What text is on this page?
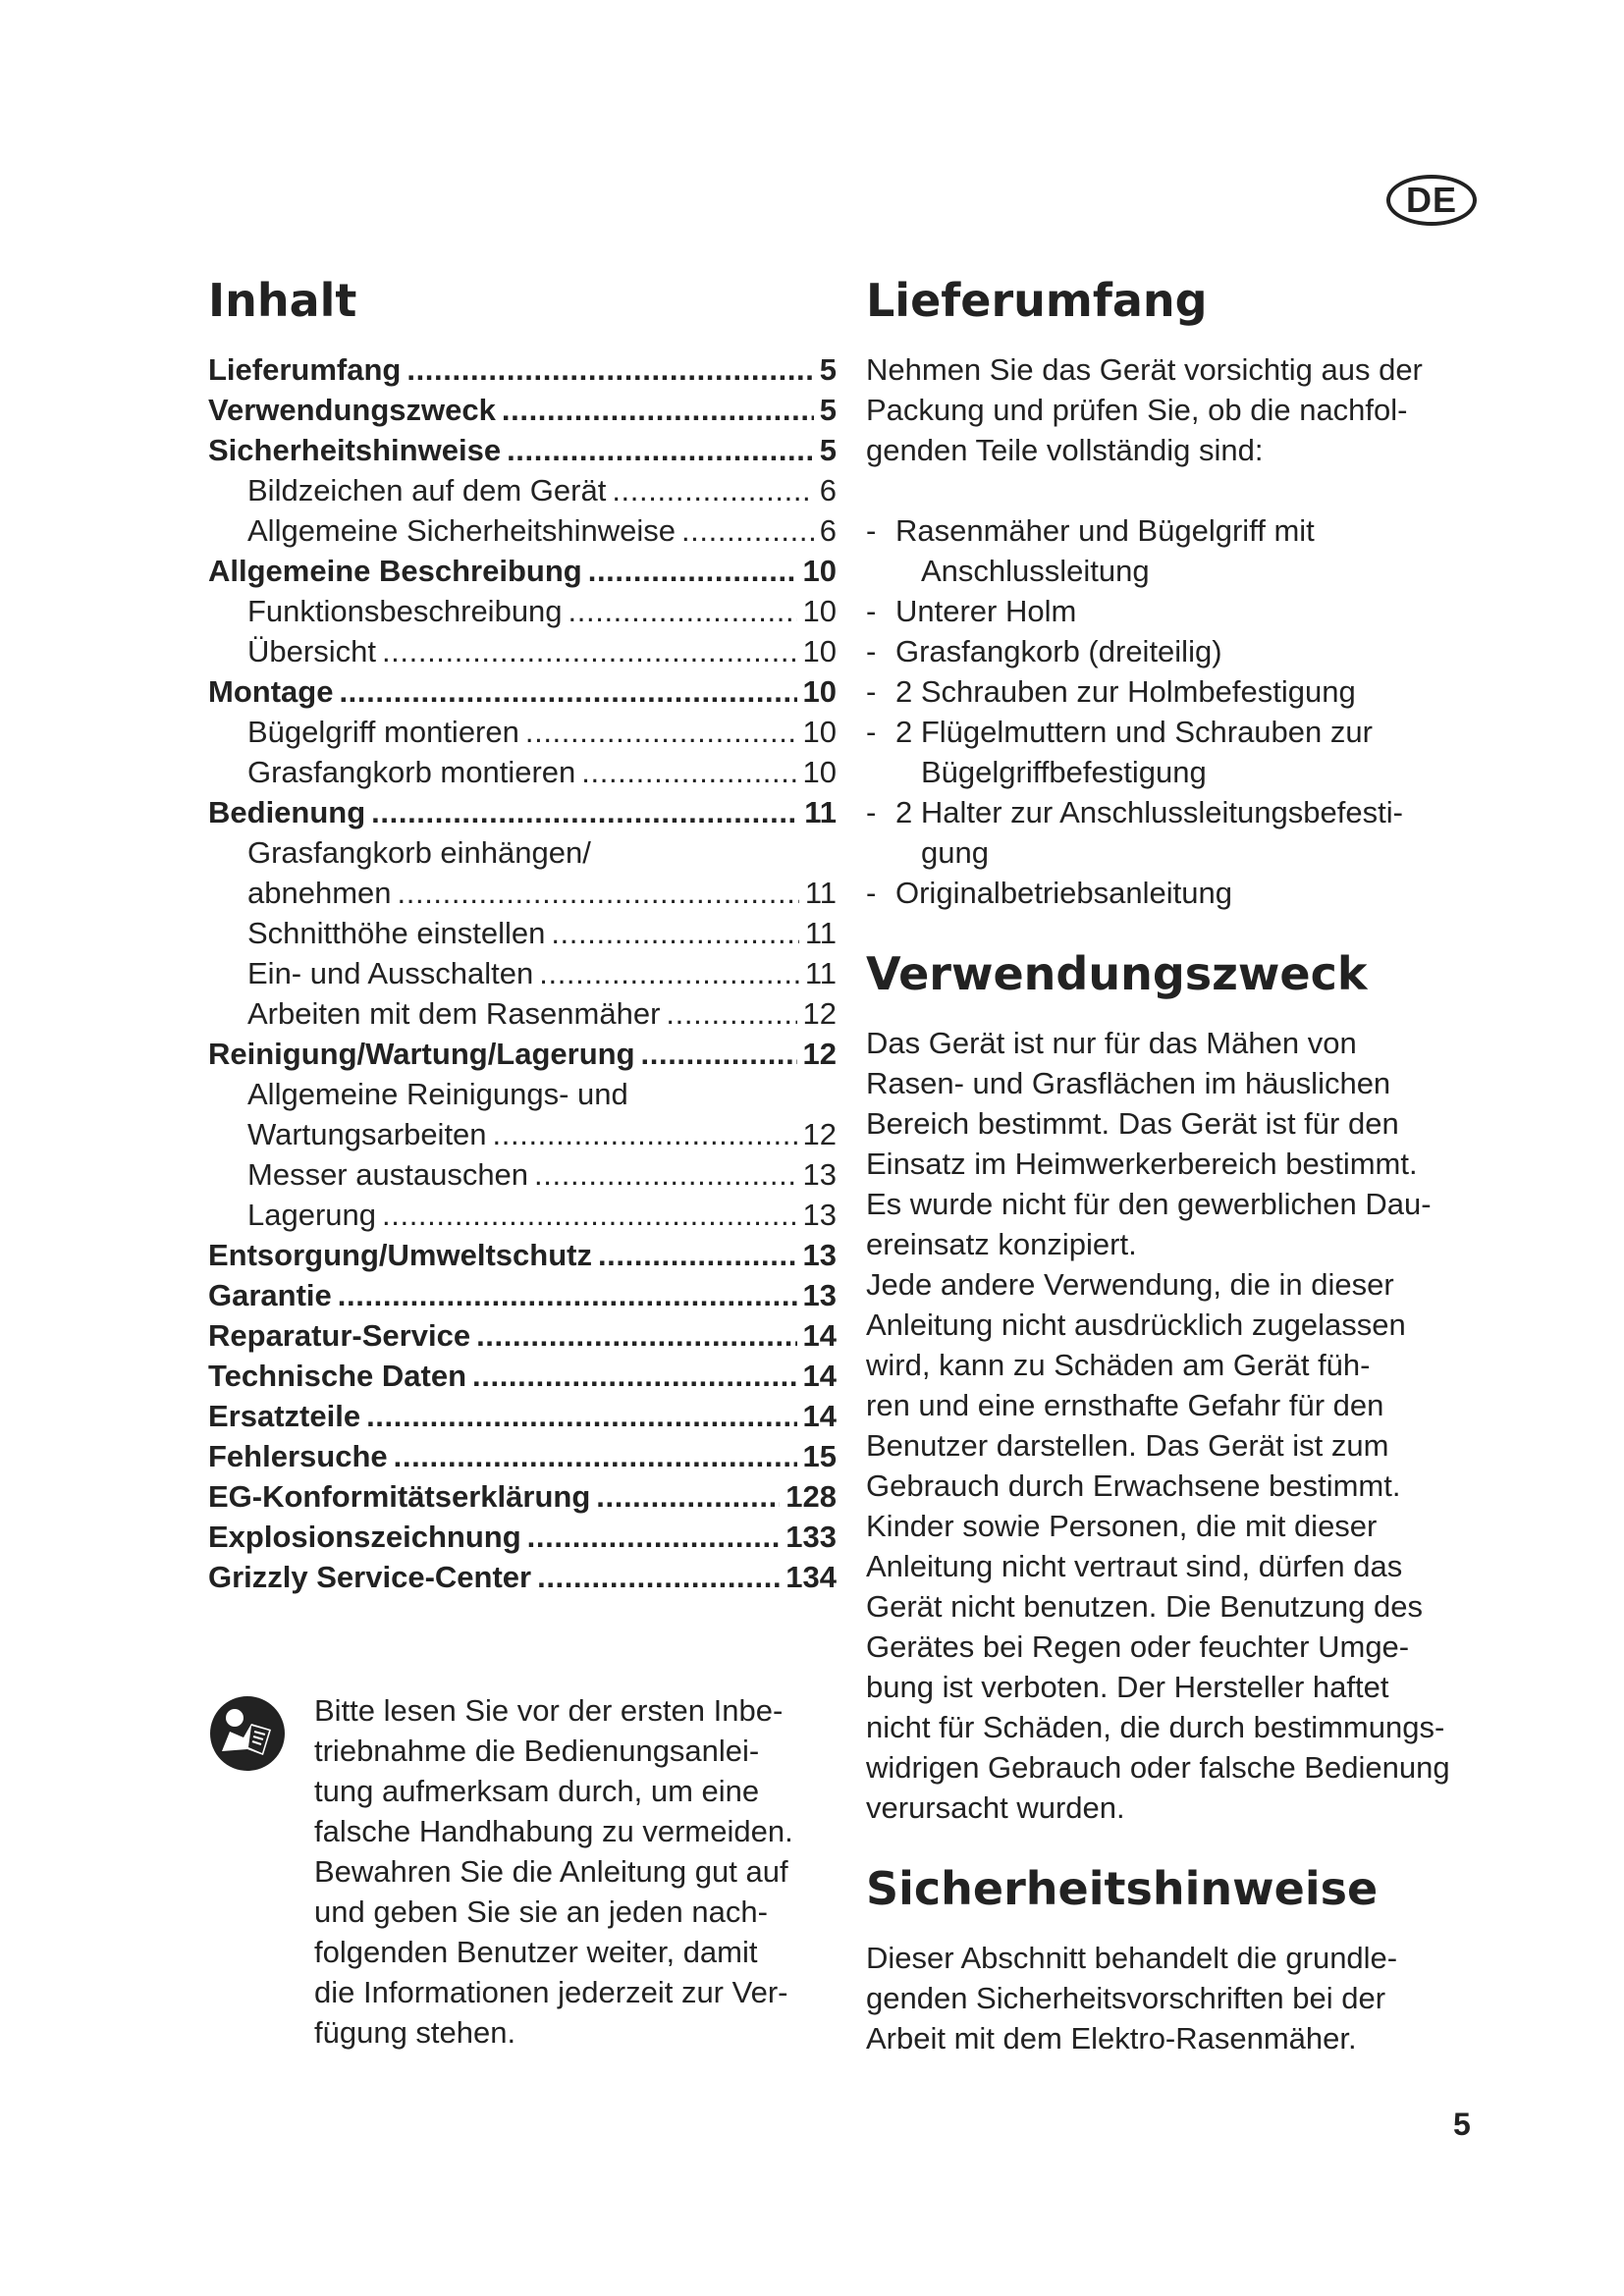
DE
Inhalt
Lieferumfang . . .	5
Verwendungszweck . . .	5
Sicherheitshinweise . . .	5
Bildzeichen auf dem Gerät . . .	6
Allgemeine Sicherheitshinweise . . .	6
Allgemeine Beschreibung . . .	10
Funktionsbeschreibung . . .	10
Übersicht . . .	10
Montage . . .	10
Bügelgriff montieren . . .	10
Grasfangkorb montieren . . .	10
Bedienung . . .	11
Grasfangkorb einhängen/
abnehmen . . .	11
Schnitthöhe einstellen . . .	11
Ein- und Ausschalten . . .	11
Arbeiten mit dem Rasenmäher . . .	12
Reinigung/Wartung/Lagerung . . .	12
Allgemeine Reinigungs- und
Wartungsarbeiten . . .	12
Messer austauschen . . .	13
Lagerung . . .	13
Entsorgung/Umweltschutz . . .	13
Garantie . . .	13
Reparatur-Service . . .	14
Technische Daten . . .	14
Ersatzteile . . .	14
Fehlersuche . . .	15
EG-Konformitätserklärung . . .	128
Explosionszeichnung . . .	133
Grizzly Service-Center . . .	134
Bitte lesen Sie vor der ersten Inbe-
triebnahme die Bedienungsanlei-
tung aufmerksam durch, um eine
falsche Handhabung zu vermeiden.
Bewahren Sie die Anleitung gut auf
und geben Sie sie an jeden nach-
folgenden Benutzer weiter, damit
die Informationen jederzeit zur Ver-
fügung stehen.
Lieferumfang
Nehmen Sie das Gerät vorsichtig aus der
Packung und prüfen Sie, ob die nachfol-
genden Teile vollständig sind:
- Rasenmäher und Bügelgriff mit
Anschlussleitung
- Unterer Holm
- Grasfangkorb (dreiteilig)
- 2 Schrauben zur Holmbefestigung
- 2 Flügelmuttern und Schrauben zur
Bügelgriffbefestigung
- 2 Halter zur Anschlussleitungsbefesti-
gung
- Originalbetriebsanleitung
Verwendungszweck
Das Gerät ist nur für das Mähen von
Rasen- und Grasflächen im häuslichen
Bereich bestimmt. Das Gerät ist für den
Einsatz im Heimwerkerbereich bestimmt.
Es wurde nicht für den gewerblichen Dau-
ereinsatz konzipiert.
Jede andere Verwendung, die in dieser
Anleitung nicht ausdrücklich zugelassen
wird, kann zu Schäden am Gerät füh-
ren und eine ernsthafte Gefahr für den
Benutzer darstellen. Das Gerät ist zum
Gebrauch durch Erwachsene bestimmt.
Kinder sowie Personen, die mit dieser
Anleitung nicht vertraut sind, dürfen das
Gerät nicht benutzen. Die Benutzung des
Gerätes bei Regen oder feuchter Umge-
bung ist verboten. Der Hersteller haftet
nicht für Schäden, die durch bestimmungs-
widrigen Gebrauch oder falsche Bedienung
verursacht wurden.
Sicherheitshinweise
Dieser Abschnitt behandelt die grundle-
genden Sicherheitsvorschriften bei der
Arbeit mit dem Elektro-Rasenmäher.
5
